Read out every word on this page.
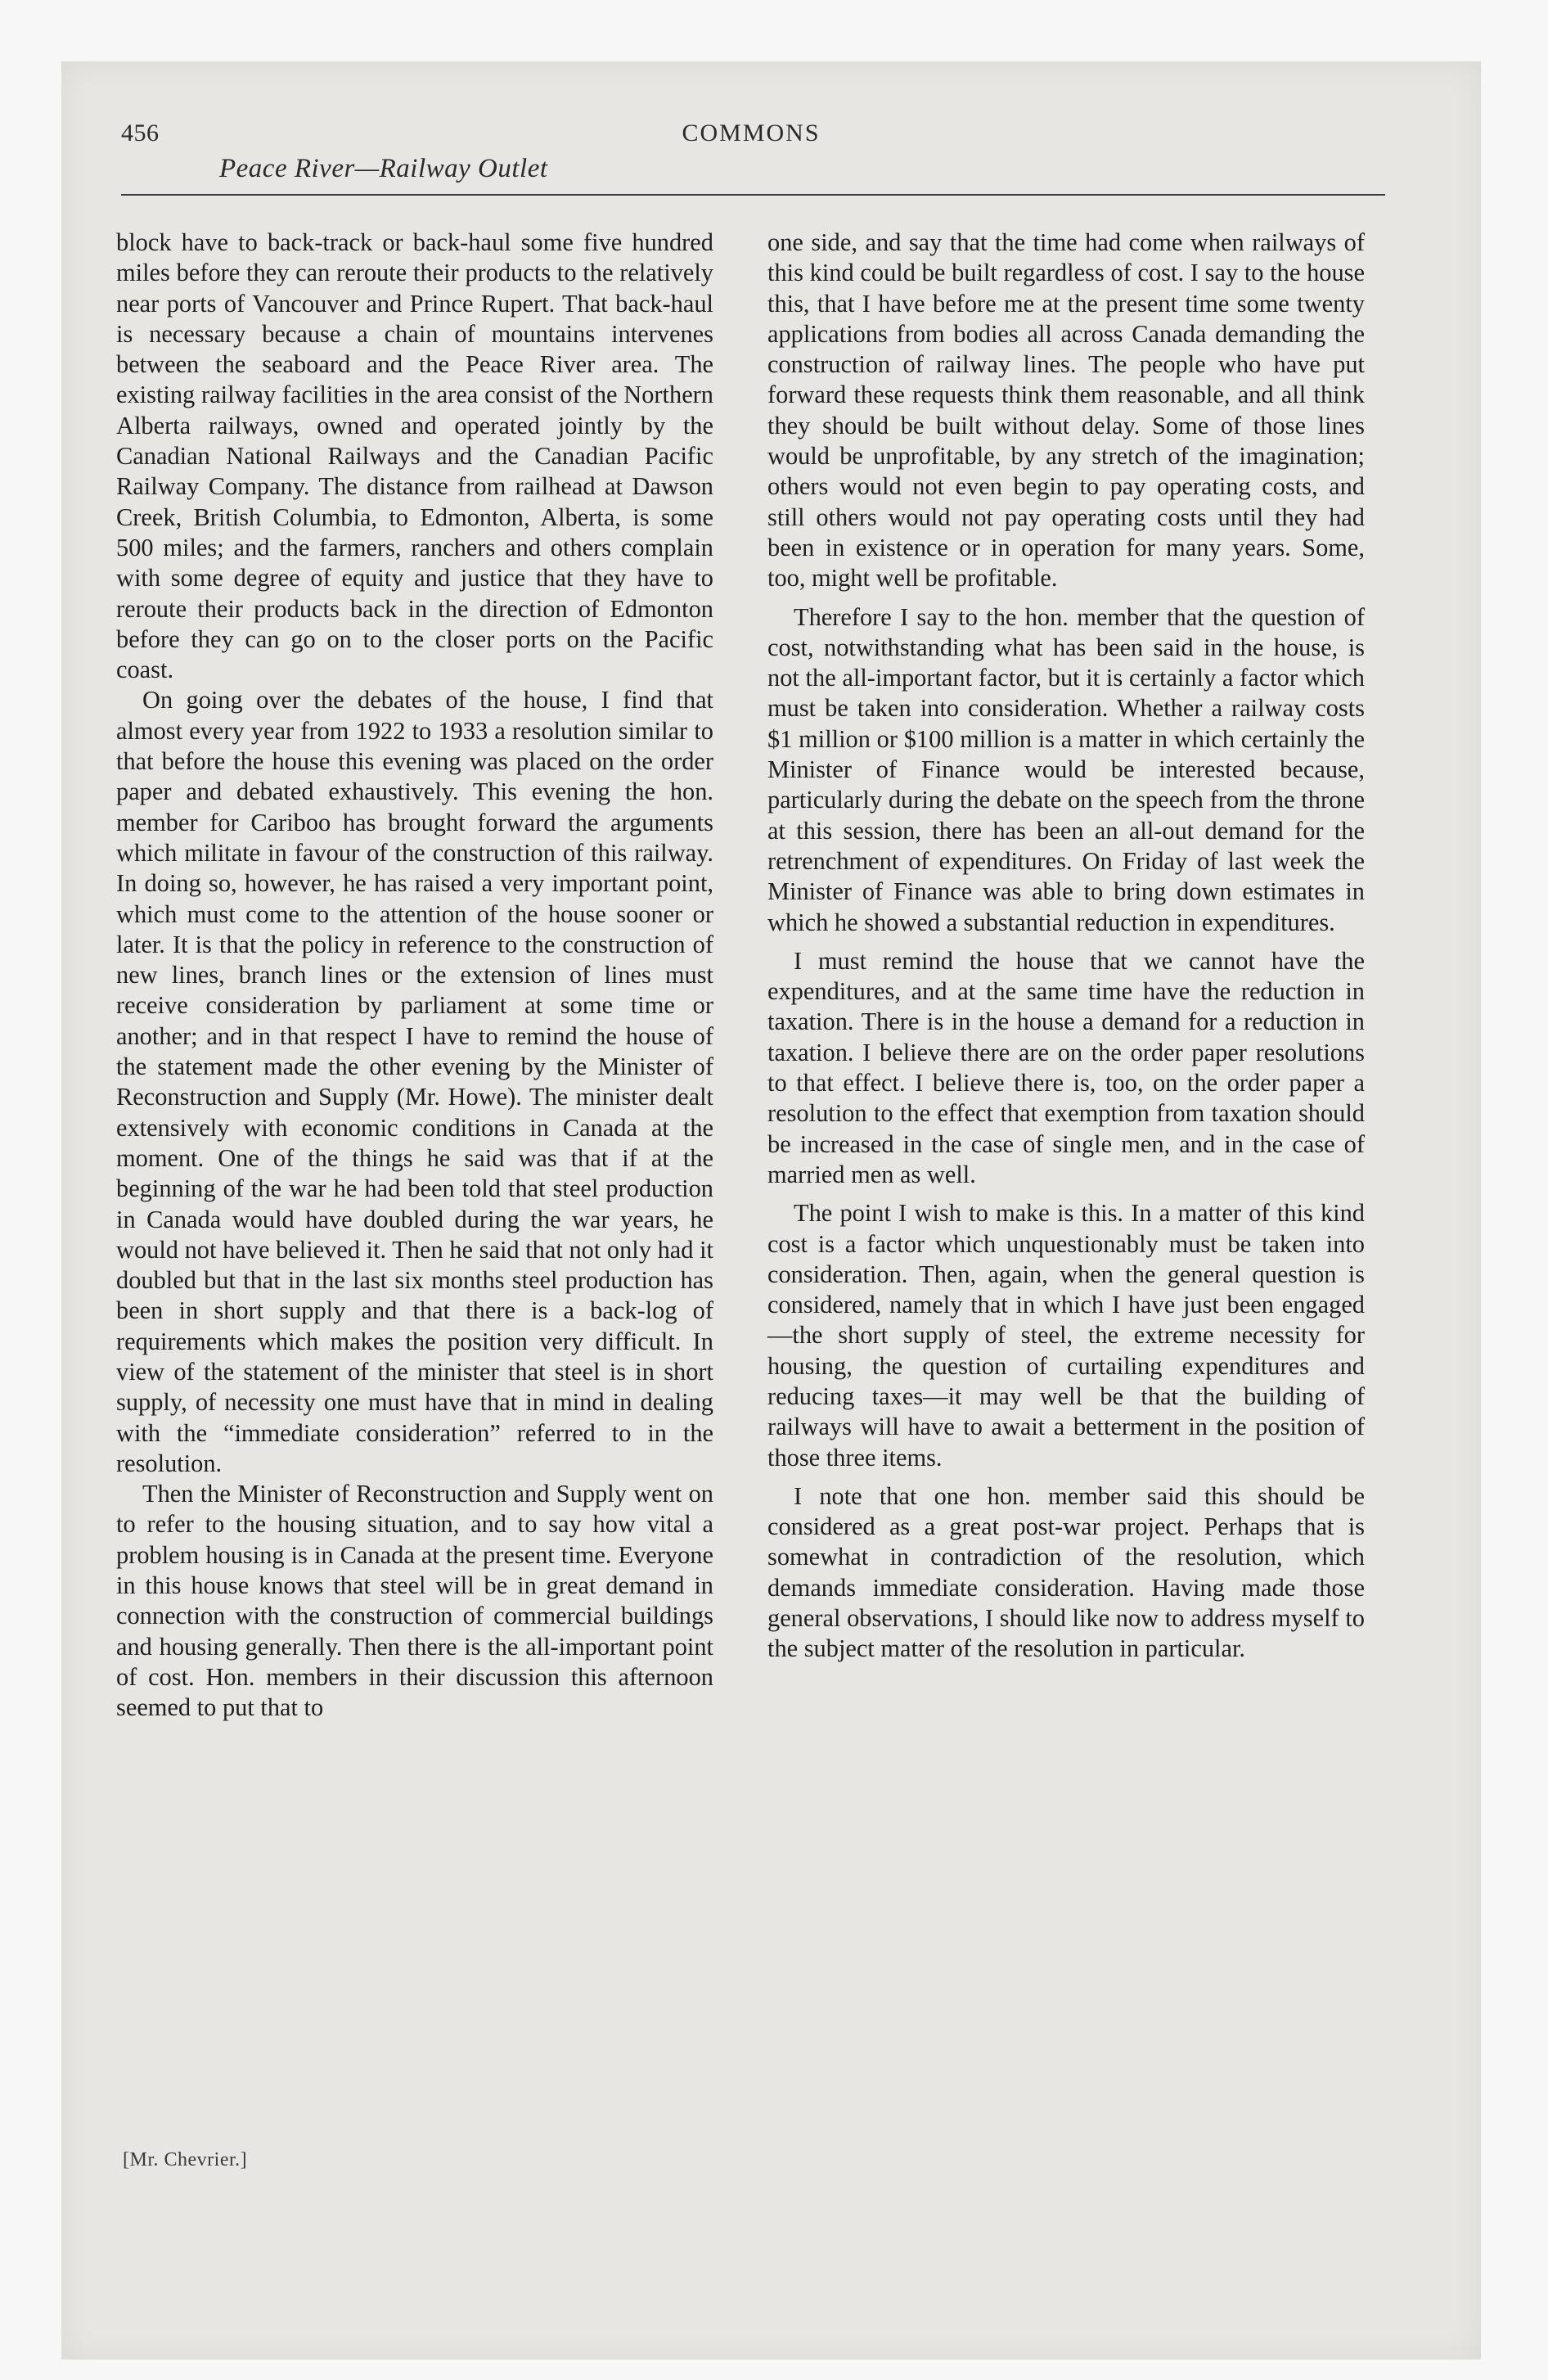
456	COMMONS
Peace River—Railway Outlet

block have to back-track or back-haul some five hundred miles before they can reroute their products to the relatively near ports of Vancouver and Prince Rupert. That back-haul is necessary because a chain of mountains intervenes between the seaboard and the Peace River area. The existing railway facilities in the area consist of the Northern Alberta railways, owned and operated jointly by the Canadian National Railways and the Canadian Pacific Railway Company. The distance from railhead at Dawson Creek, British Columbia, to Edmonton, Alberta, is some 500 miles; and the farmers, ranchers and others complain with some degree of equity and justice that they have to reroute their products back in the direction of Edmonton before they can go on to the closer ports on the Pacific coast.

On going over the debates of the house, I find that almost every year from 1922 to 1933 a resolution similar to that before the house this evening was placed on the order paper and debated exhaustively. This evening the hon. member for Cariboo has brought forward the arguments which militate in favour of the construction of this railway. In doing so, however, he has raised a very important point, which must come to the attention of the house sooner or later. It is that the policy in reference to the construction of new lines, branch lines or the extension of lines must receive consideration by parliament at some time or another; and in that respect I have to remind the house of the statement made the other evening by the Minister of Reconstruction and Supply (Mr. Howe). The minister dealt extensively with economic conditions in Canada at the moment. One of the things he said was that if at the beginning of the war he had been told that steel production in Canada would have doubled during the war years, he would not have believed it. Then he said that not only had it doubled but that in the last six months steel production has been in short supply and that there is a back-log of requirements which makes the position very difficult. In view of the statement of the minister that steel is in short supply, of necessity one must have that in mind in dealing with the “immediate consideration” referred to in the resolution.

Then the Minister of Reconstruction and Supply went on to refer to the housing situation, and to say how vital a problem housing is in Canada at the present time. Everyone in this house knows that steel will be in great demand in connection with the construction of commercial buildings and housing generally. Then there is the all-important point of cost. Hon. members in their discussion this afternoon seemed to put that to

one side, and say that the time had come when railways of this kind could be built regardless of cost. I say to the house this, that I have before me at the present time some twenty applications from bodies all across Canada demanding the construction of railway lines. The people who have put forward these requests think them reasonable, and all think they should be built without delay. Some of those lines would be unprofitable, by any stretch of the imagination; others would not even begin to pay operating costs, and still others would not pay operating costs until they had been in existence or in operation for many years. Some, too, might well be profitable.

Therefore I say to the hon. member that the question of cost, notwithstanding what has been said in the house, is not the all-important factor, but it is certainly a factor which must be taken into consideration. Whether a railway costs $1 million or $100 million is a matter in which certainly the Minister of Finance would be interested because, particularly during the debate on the speech from the throne at this session, there has been an all-out demand for the retrenchment of expenditures. On Friday of last week the Minister of Finance was able to bring down estimates in which he showed a substantial reduction in expenditures.

I must remind the house that we cannot have the expenditures, and at the same time have the reduction in taxation. There is in the house a demand for a reduction in taxation. I believe there are on the order paper resolutions to that effect. I believe there is, too, on the order paper a resolution to the effect that exemption from taxation should be increased in the case of single men, and in the case of married men as well.

The point I wish to make is this. In a matter of this kind cost is a factor which unquestionably must be taken into consideration. Then, again, when the general question is considered, namely that in which I have just been engaged—the short supply of steel, the extreme necessity for housing, the question of curtailing expenditures and reducing taxes—it may well be that the building of railways will have to await a betterment in the position of those three items.

I note that one hon. member said this should be considered as a great post-war project. Perhaps that is somewhat in contradiction of the resolution, which demands immediate consideration. Having made those general observations, I should like now to address myself to the subject matter of the resolution in particular.

[Mr. Chevrier.]
